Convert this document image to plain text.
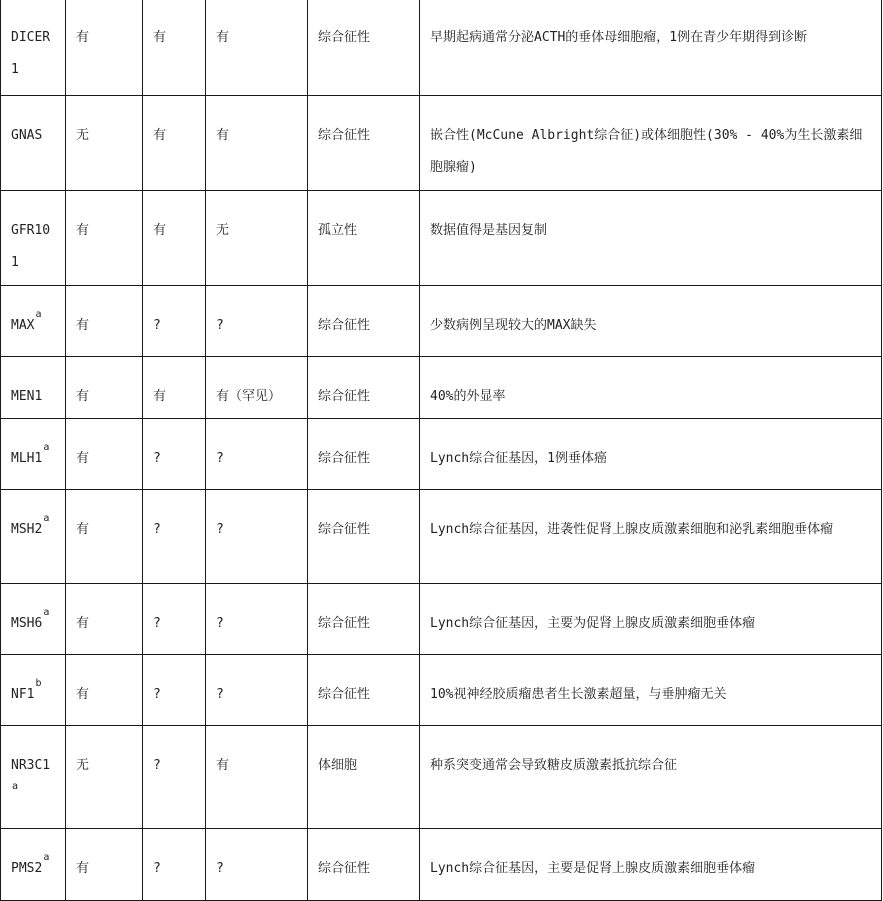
DICER1	有	有	有	综合征性	早期起病通常分泌ACTH的垂体母细胞瘤，1例在青少年期得到诊断
GNAS	无	有	有	综合征性	嵌合性(McCune Albright综合征)或体细胞性(30% - 40%为生长激素细胞腺瘤)
GFR101	有	有	无	孤立性	数据值得是基因复制
MAX$^a$	有	?	?	综合征性	少数病例呈现较大的MAX缺失
MEN1	有	有	有（罕见）	综合征性	40%的外显率
MLH1$^a$	有	?	?	综合征性	Lynch综合征基因，1例垂体癌
MSH2$^a$	有	?	?	综合征性	Lynch综合征基因，进袭性促肾上腺皮质激素细胞和泌乳素细胞垂体瘤
MSH6$^a$	有	?	?	综合征性	Lynch综合征基因，主要为促肾上腺皮质激素细胞垂体瘤
NF1$^b$	有	?	?	综合征性	10%视神经胶质瘤患者生长激素超量，与垂肿瘤无关
NR3C1$^a$	无	?	有	体细胞	种系突变通常会导致糖皮质激素抵抗综合征
PMS2$^a$	有	?	?	综合征性	Lynch综合征基因，主要是促肾上腺皮质激素细胞垂体瘤
